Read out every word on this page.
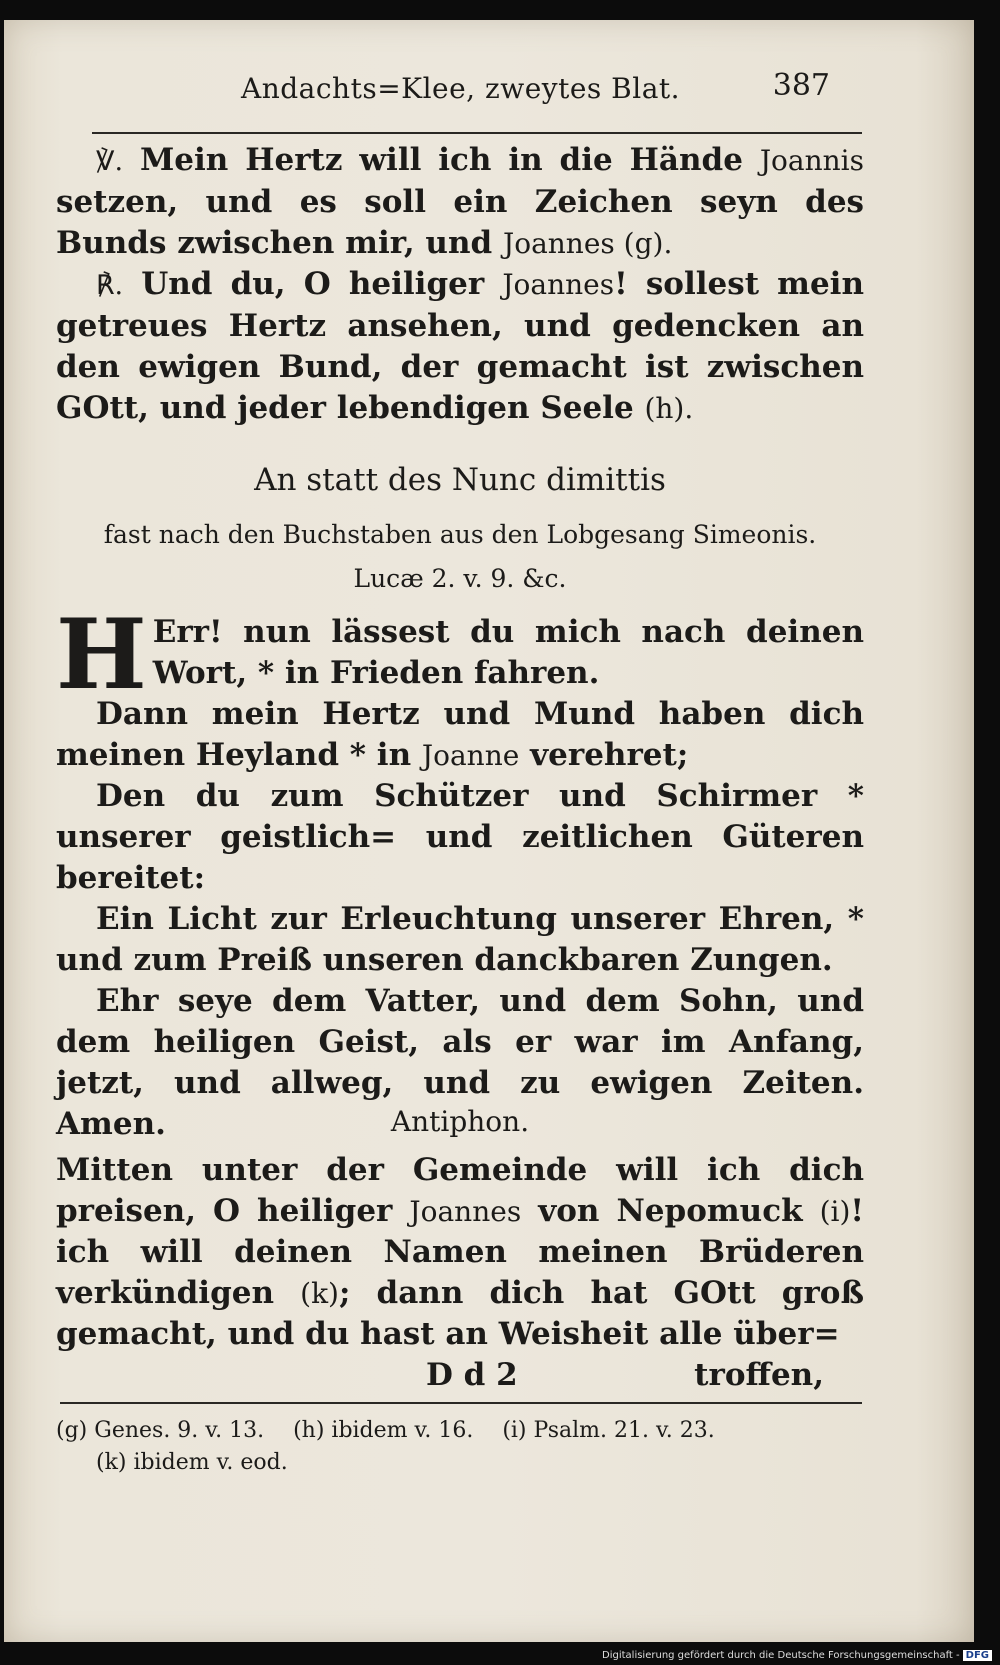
Andachts=Klee, zweytes Blat.	387
℣. Mein Hertz will ich in die Hände Joannis setzen, und es soll ein Zeichen seyn des Bunds zwischen mir, und Joannes (g).
℟. Und du, O heiliger Joannes! sollest mein getreues Hertz ansehen, und gedencken an den ewigen Bund, der gemacht ist zwischen GOtt, und jeder lebendigen Seele (h).
An statt des Nunc dimittis
fast nach den Buchstaben aus den Lobgesang Simeonis.
Lucæ 2. v. 9. &c.
H Err! nun lässest du mich nach deinen Wort, * in Frieden fahren.
Dann mein Hertz und Mund haben dich meinen Heyland * in Joanne verehret;
Den du zum Schützer und Schirmer * unserer geistlich= und zeitlichen Güteren bereitet:
Ein Licht zur Erleuchtung unserer Ehren, * und zum Preiß unseren danckbaren Zungen.
Ehr seye dem Vatter, und dem Sohn, und dem heiligen Geist, als er war im Anfang, jetzt, und allweg, und zu ewigen Zeiten. Amen.	Antiphon.
Mitten unter der Gemeinde will ich dich preisen, O heiliger Joannes von Nepomuck (i)! ich will deinen Namen meinen Brüderen verkündigen (k); dann dich hat GOtt groß gemacht, und du hast an Weisheit alle über=
D d 2	troffen,
(g) Genes. 9. v. 13. (h) ibidem v. 16. (i) Psalm. 21. v. 23.
(k) ibidem v. eod.
Digitalisierung gefördert durch die Deutsche Forschungsgemeinschaft - DFG
